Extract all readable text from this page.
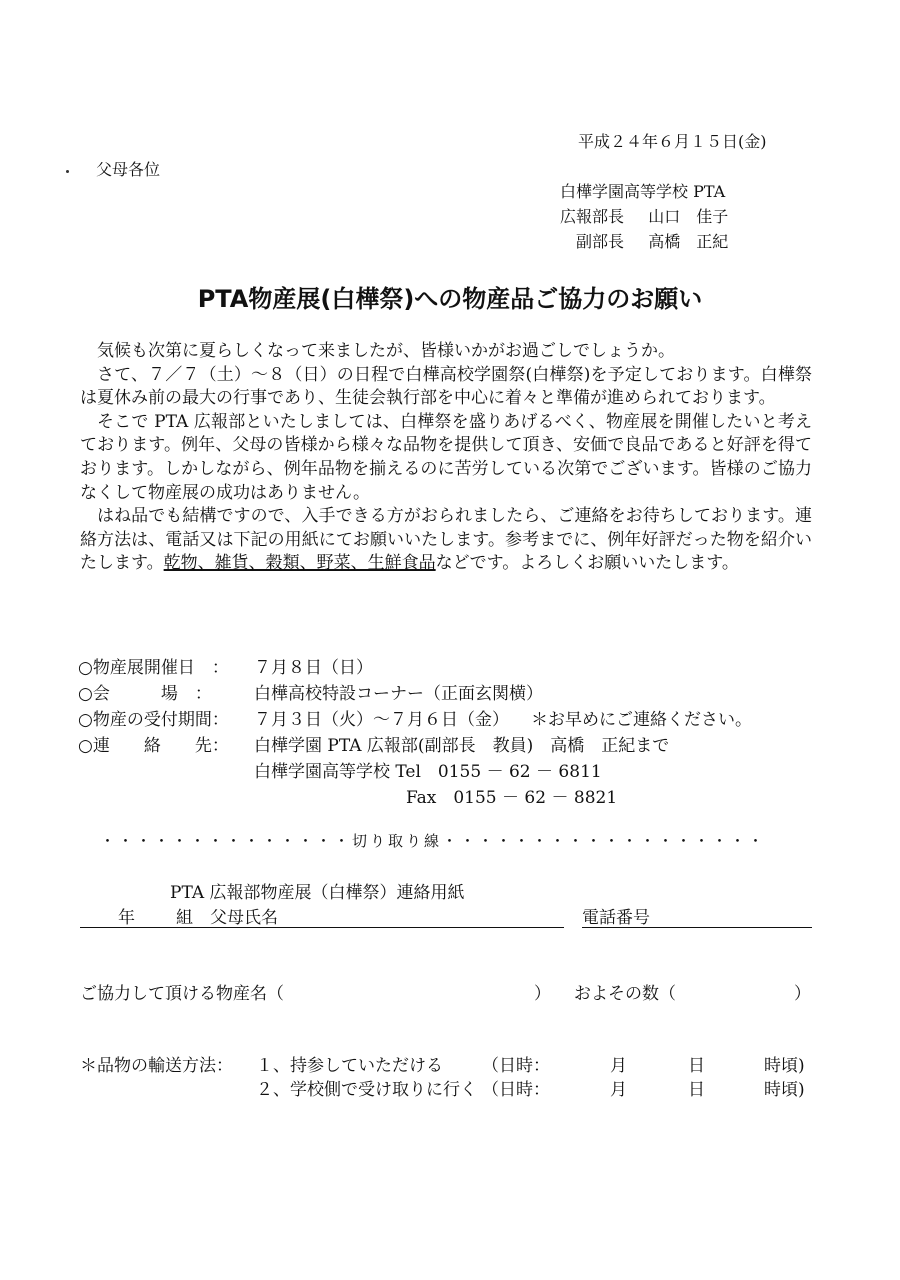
平成２４年６月１５日(金)
父母各位
白樺学園高等学校 PTA
広報部長 山口　佳子
副部長 高橋　正紀
PTA物産展(白樺祭)への物産品ご協力のお願い

気候も次第に夏らしくなって来ましたが、皆様いかがお過ごしでしょうか。

さて、７／７（土）～８（日）の日程で白樺高校学園祭(白樺祭)を予定しております。白樺祭は夏休み前の最大の行事であり、生徒会執行部を中心に着々と準備が進められております。

そこで PTA 広報部といたしましては、白樺祭を盛りあげるべく、物産展を開催したいと考えております。例年、父母の皆様から様々な品物を提供して頂き、安価で良品であると好評を得ております。しかしながら、例年品物を揃えるのに苦労している次第でございます。皆様のご協力なくして物産展の成功はありません。

はね品でも結構ですので、入手できる方がおられましたら、ご連絡をお待ちしております。連絡方法は、電話又は下記の用紙にてお願いいたします。参考までに、例年好評だった物を紹介いたします。乾物、雑貨、穀類、野菜、生鮮食品などです。よろしくお願いいたします。

○物産展開催日　： ７月８日（日）
○会　　　場　： 白樺高校特設コーナー（正面玄関横）
○物産の受付期間： ７月３日（火）～７月６日（金） ＊お早めにご連絡ください。
○連　　絡　　先： 白樺学園 PTA 広報部(副部長　教員)　高橋　正紀まで
白樺学園高等学校 Tel　0155 － 62 － 6811
Fax　0155 － 62 － 8821
・・・・・・・・・・・・・・切り取り線・・・・・・・・・・・・・・・・・・
PTA 広報部物産展（白樺祭）連絡用紙
年 組 父母氏名	電話番号
ご協力して頂ける物産名（	） およその数（	）
＊品物の輸送方法： １、持参していただける （日時：	月	日	時頃)
２、学校側で受け取りに行く （日時：	月	日	時頃)
